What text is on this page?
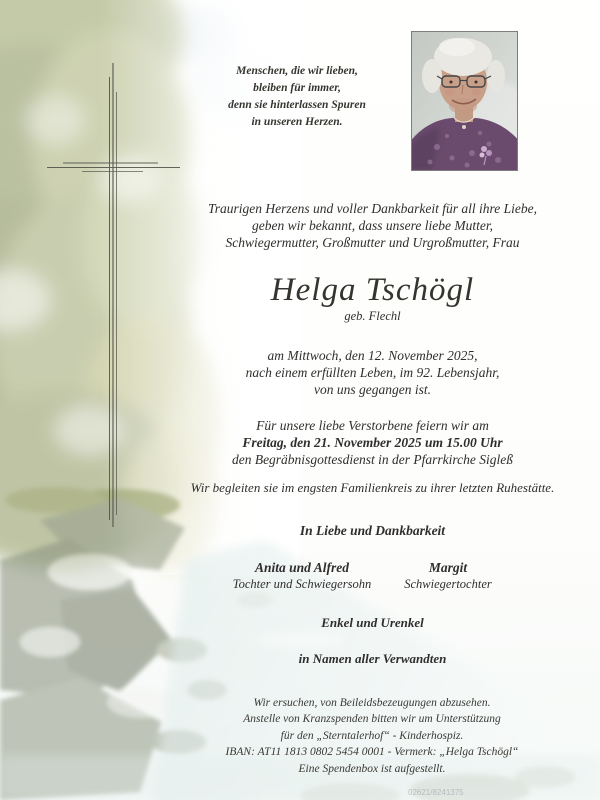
Menschen, die wir lieben,
bleiben für immer,
denn sie hinterlassen Spuren
in unseren Herzen.
Traurigen Herzens und voller Dankbarkeit für all ihre Liebe,
geben wir bekannt, dass unsere liebe Mutter,
Schwiegermutter, Großmutter und Urgroßmutter, Frau
Helga Tschögl
geb. Flechl
am Mittwoch, den 12. November 2025,
nach einem erfüllten Leben, im 92. Lebensjahr,
von uns gegangen ist.
Für unsere liebe Verstorbene feiern wir am
Freitag, den 21. November 2025 um 15.00 Uhr
den Begräbnisgottesdienst in der Pfarrkirche Sigleß
Wir begleiten sie im engsten Familienkreis zu ihrer letzten Ruhestätte.
In Liebe und Dankbarkeit
Anita und Alfred
Tochter und Schwiegersohn
Margit
Schwiegertochter
Enkel und Urenkel
in Namen aller Verwandten
Wir ersuchen, von Beileidsbezeugungen abzusehen.
Anstelle von Kranzspenden bitten wir um Unterstützung
für den „Sterntalerhof“ - Kinderhospiz.
IBAN: AT11 1813 0802 5454 0001 - Vermerk: „Helga Tschögl“
Eine Spendenbox ist aufgestellt.
02621/8241375
